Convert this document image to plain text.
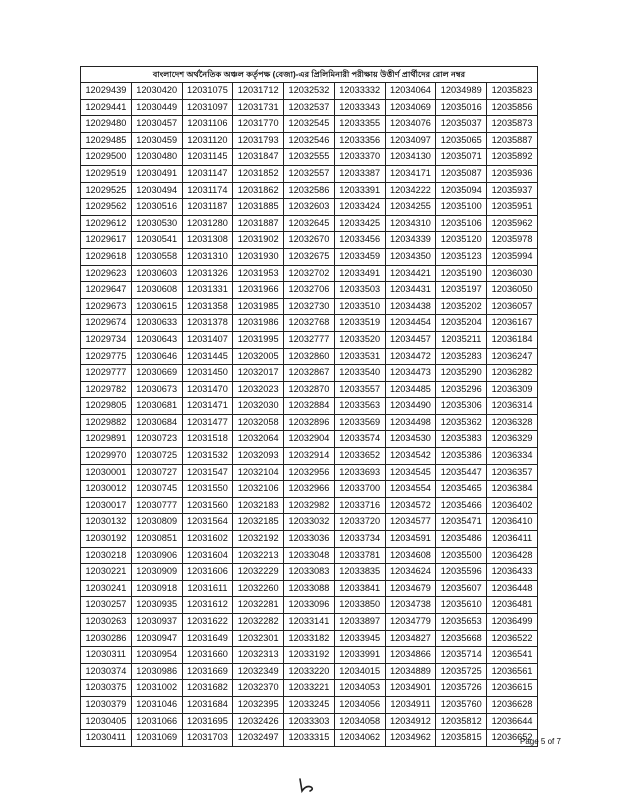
বাংলাদেশ অর্থনৈতিক অঞ্চল কর্তৃপক্ষ (বেজা)-এর প্রিলিমিনারী পরীক্ষায় উত্তীর্ণ প্রার্থীদের রোল নম্বর								
12029439	12030420	12031075	12031712	12032532	12033332	12034064	12034989	12035823
12029441	12030449	12031097	12031731	12032537	12033343	12034069	12035016	12035856
12029480	12030457	12031106	12031770	12032545	12033355	12034076	12035037	12035873
12029485	12030459	12031120	12031793	12032546	12033356	12034097	12035065	12035887
12029500	12030480	12031145	12031847	12032555	12033370	12034130	12035071	12035892
12029519	12030491	12031147	12031852	12032557	12033387	12034171	12035087	12035936
12029525	12030494	12031174	12031862	12032586	12033391	12034222	12035094	12035937
12029562	12030516	12031187	12031885	12032603	12033424	12034255	12035100	12035951
12029612	12030530	12031280	12031887	12032645	12033425	12034310	12035106	12035962
12029617	12030541	12031308	12031902	12032670	12033456	12034339	12035120	12035978
12029618	12030558	12031310	12031930	12032675	12033459	12034350	12035123	12035994
12029623	12030603	12031326	12031953	12032702	12033491	12034421	12035190	12036030
12029647	12030608	12031331	12031966	12032706	12033503	12034431	12035197	12036050
12029673	12030615	12031358	12031985	12032730	12033510	12034438	12035202	12036057
12029674	12030633	12031378	12031986	12032768	12033519	12034454	12035204	12036167
12029734	12030643	12031407	12031995	12032777	12033520	12034457	12035211	12036184
12029775	12030646	12031445	12032005	12032860	12033531	12034472	12035283	12036247
12029777	12030669	12031450	12032017	12032867	12033540	12034473	12035290	12036282
12029782	12030673	12031470	12032023	12032870	12033557	12034485	12035296	12036309
12029805	12030681	12031471	12032030	12032884	12033563	12034490	12035306	12036314
12029882	12030684	12031477	12032058	12032896	12033569	12034498	12035362	12036328
12029891	12030723	12031518	12032064	12032904	12033574	12034530	12035383	12036329
12029970	12030725	12031532	12032093	12032914	12033652	12034542	12035386	12036334
12030001	12030727	12031547	12032104	12032956	12033693	12034545	12035447	12036357
12030012	12030745	12031550	12032106	12032966	12033700	12034554	12035465	12036384
12030017	12030777	12031560	12032183	12032982	12033716	12034572	12035466	12036402
12030132	12030809	12031564	12032185	12033032	12033720	12034577	12035471	12036410
12030192	12030851	12031602	12032192	12033036	12033734	12034591	12035486	12036411
12030218	12030906	12031604	12032213	12033048	12033781	12034608	12035500	12036428
12030221	12030909	12031606	12032229	12033083	12033835	12034624	12035596	12036433
12030241	12030918	12031611	12032260	12033088	12033841	12034679	12035607	12036448
12030257	12030935	12031612	12032281	12033096	12033850	12034738	12035610	12036481
12030263	12030937	12031622	12032282	12033141	12033897	12034779	12035653	12036499
12030286	12030947	12031649	12032301	12033182	12033945	12034827	12035668	12036522
12030311	12030954	12031660	12032313	12033192	12033991	12034866	12035714	12036541
12030374	12030986	12031669	12032349	12033220	12034015	12034889	12035725	12036561
12030375	12031002	12031682	12032370	12033221	12034053	12034901	12035726	12036615
12030379	12031046	12031684	12032395	12033245	12034056	12034911	12035760	12036628
12030405	12031066	12031695	12032426	12033303	12034058	12034912	12035812	12036644
12030411	12031069	12031703	12032497	12033315	12034062	12034962	12035815	12036652
Page 5 of 7
